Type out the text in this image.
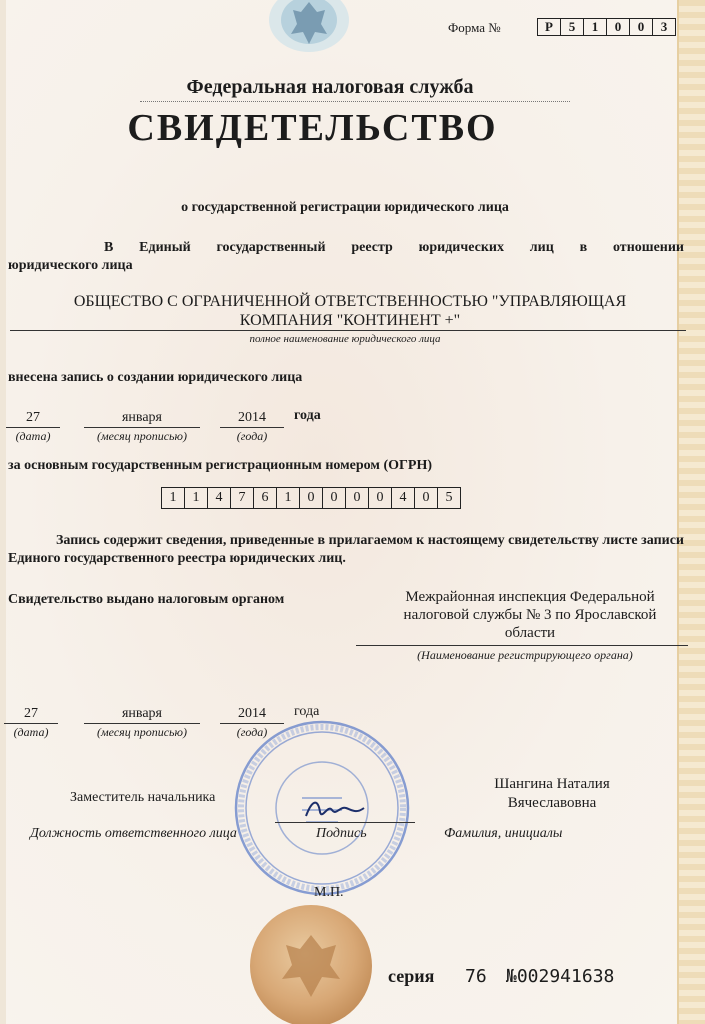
Форма №	Р	5	1	0	0	3
Федеральная налоговая служба
СВИДЕТЕЛЬСТВО
о государственной регистрации юридического лица
В Единый государственный реестр юридических лиц в отношении
юридического лица
ОБЩЕСТВО С ОГРАНИЧЕННОЙ ОТВЕТСТВЕННОСТЬЮ "УПРАВЛЯЮЩАЯ
КОМПАНИЯ "КОНТИНЕНТ +"
полное наименование юридического лица
внесена запись о создании юридического лица
27	января	2014	года
(дата)	(месяц прописью)	(года)
за основным государственным регистрационным номером (ОГРН)
1	1	4	7	6	1	0	0	0	0	4	0	5
Запись содержит сведения, приведенные в прилагаемом к настоящему свидетельству листе записи Единого государственного реестра юридических лиц.
Свидетельство выдано налоговым органом	Межрайонная инспекция Федеральной
налоговой службы № 3 по Ярославской
области
(Наименование регистрирующего органа)
27	января	2014	года
(дата)	(месяц прописью)	(года)
Заместитель начальника
Должность ответственного лица	Подпись
Шангина Наталия
Вячеславовна
Фамилия, инициалы
М.П.
серия 76 №002941638
